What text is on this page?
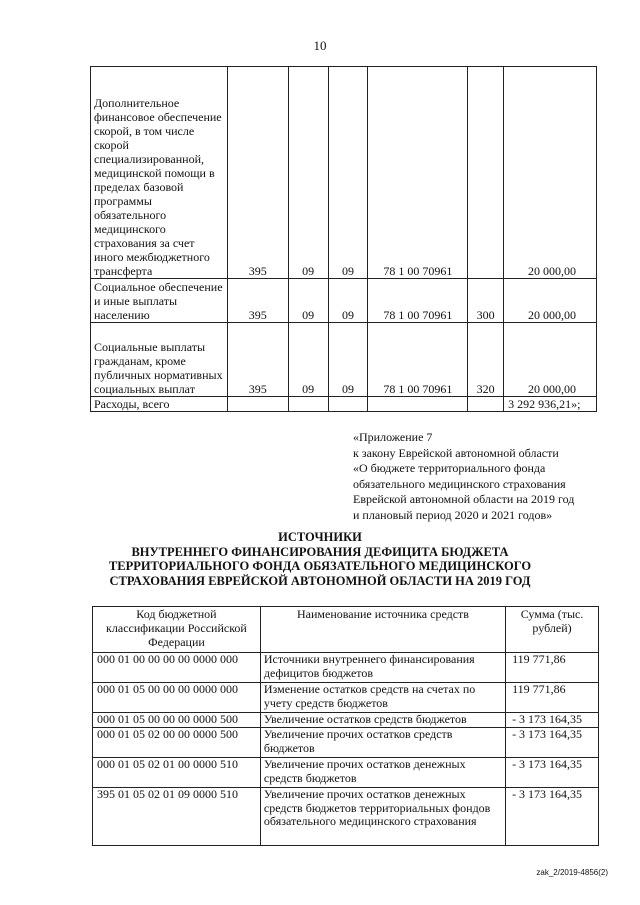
10
Дополнительное финансовое обеспечение скорой, в том числе скорой специализированной, медицинской помощи в пределах базовой программы обязательного медицинского страхования за счет иного межбюджетного трансферта	395	09	09	78 1 00 70961		20 000,00
Социальное обеспечение и иные выплаты населению	395	09	09	78 1 00 70961	300	20 000,00
Социальные выплаты гражданам, кроме публичных нормативных социальных выплат	395	09	09	78 1 00 70961	320	20 000,00
Расходы, всего						3 292 936,21»;
«Приложение 7
к закону Еврейской автономной области
«О бюджете территориального фонда
обязательного медицинского страхования
Еврейской автономной области на 2019 год
и плановый период 2020 и 2021 годов»
ИСТОЧНИКИ
ВНУТРЕННЕГО ФИНАНСИРОВАНИЯ ДЕФИЦИТА БЮДЖЕТА
ТЕРРИТОРИАЛЬНОГО ФОНДА ОБЯЗАТЕЛЬНОГО МЕДИЦИНСКОГО
СТРАХОВАНИЯ ЕВРЕЙСКОЙ АВТОНОМНОЙ ОБЛАСТИ НА 2019 ГОД
Код бюджетной классификации Российской Федерации	Наименование источника средств	Сумма (тыс. рублей)
000 01 00 00 00 00 0000 000	Источники внутреннего финансирования дефицитов бюджетов	119 771,86
000 01 05 00 00 00 0000 000	Изменение остатков средств на счетах по учету средств бюджетов	119 771,86
000 01 05 00 00 00 0000 500	Увеличение остатков средств бюджетов	- 3 173 164,35
000 01 05 02 00 00 0000 500	Увеличение прочих остатков средств бюджетов	- 3 173 164,35
000 01 05 02 01 00 0000 510	Увеличение прочих остатков денежных средств бюджетов	- 3 173 164,35
395 01 05 02 01 09 0000 510	Увеличение прочих остатков денежных средств бюджетов территориальных фондов обязательного медицинского страхования	- 3 173 164,35
zak_2/2019-4856(2)
